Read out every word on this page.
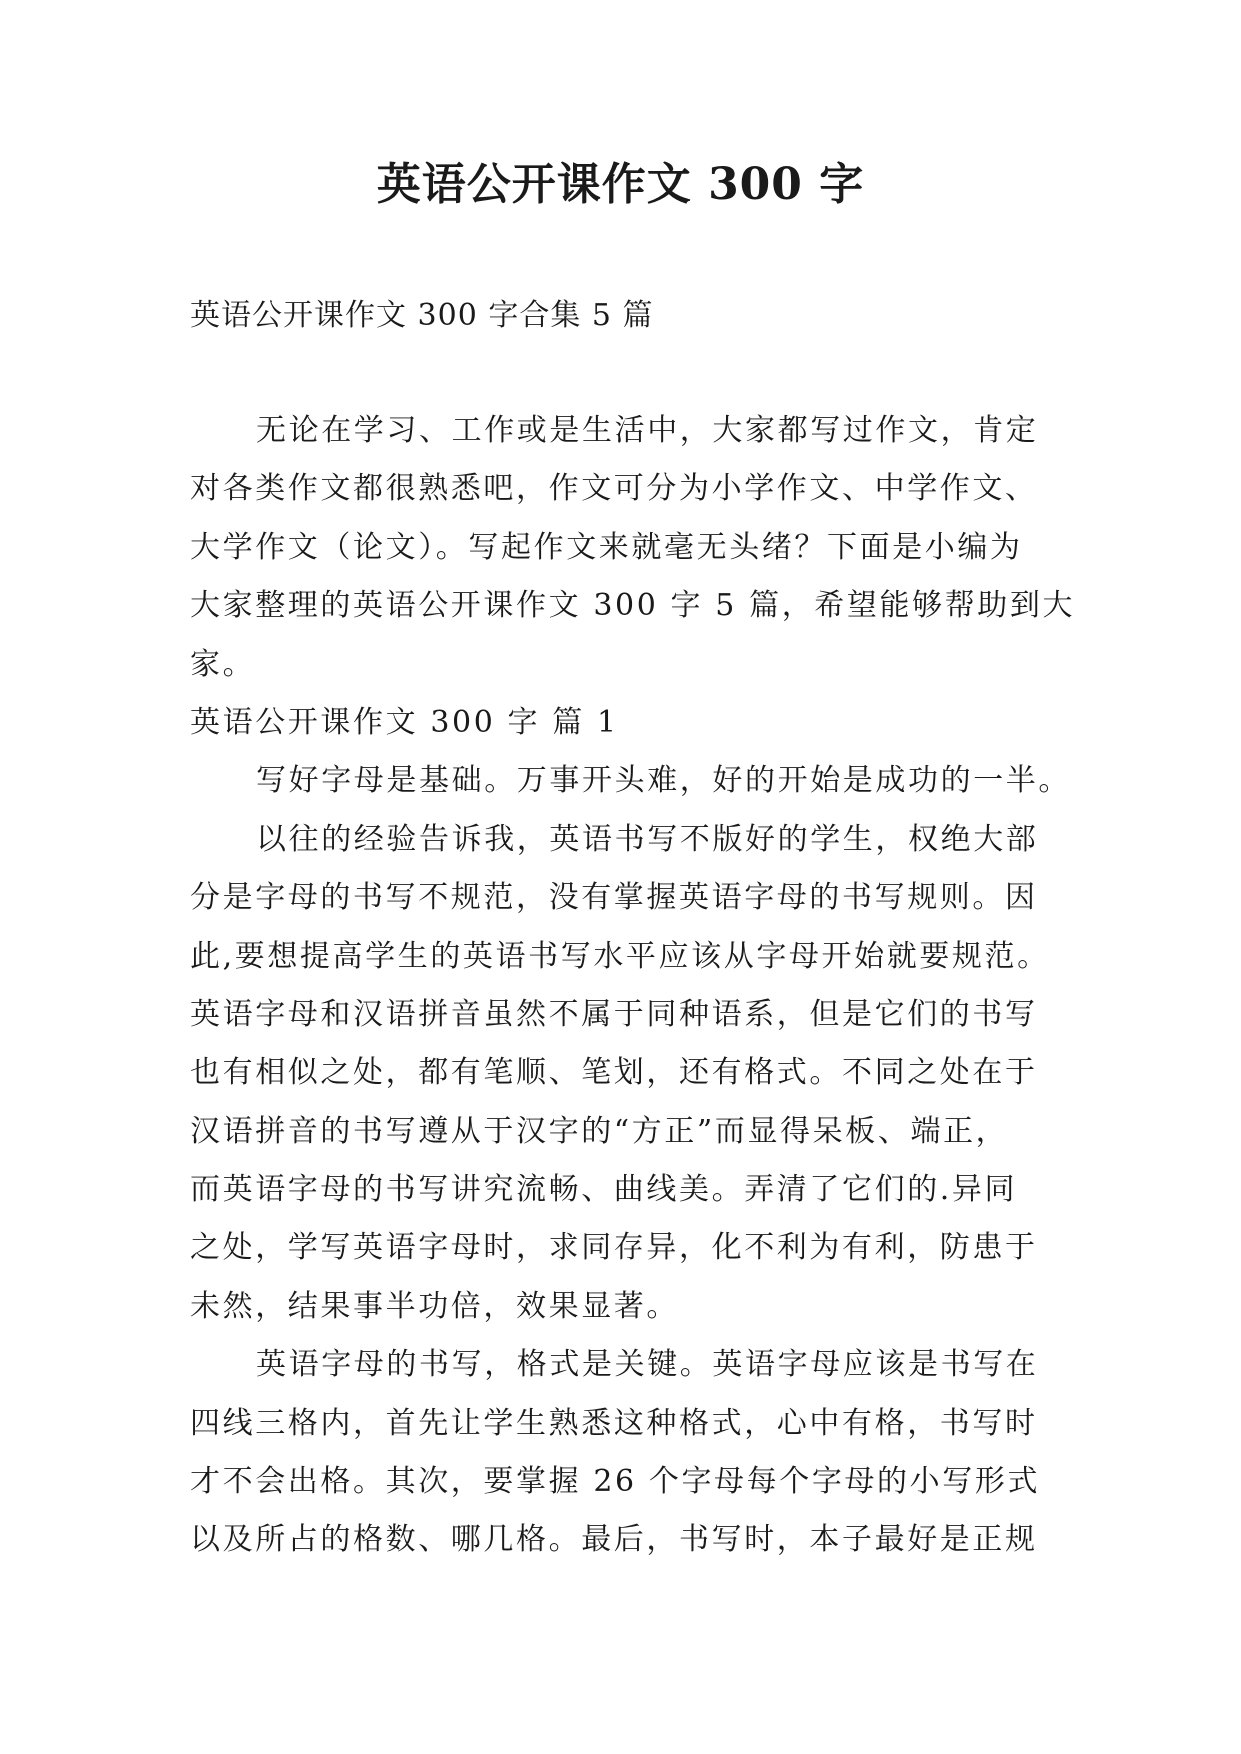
英语公开课作文 300 字
英语公开课作文 300 字合集 5 篇
无论在学习、工作或是生活中，大家都写过作文，肯定
对各类作文都很熟悉吧，作文可分为小学作文、中学作文、
大学作文（论文）。写起作文来就毫无头绪？下面是小编为
大家整理的英语公开课作文 300 字 5 篇，希望能够帮助到大
家。
英语公开课作文 300 字 篇 1
写好字母是基础。万事开头难，好的开始是成功的一半。
以往的经验告诉我，英语书写不版好的学生，权绝大部
分是字母的书写不规范，没有掌握英语字母的书写规则。因
此,要想提高学生的英语书写水平应该从字母开始就要规范。
英语字母和汉语拼音虽然不属于同种语系，但是它们的书写
也有相似之处，都有笔顺、笔划，还有格式。不同之处在于
汉语拼音的书写遵从于汉字的“方正”而显得呆板、端正，
而英语字母的书写讲究流畅、曲线美。弄清了它们的.异同
之处，学写英语字母时，求同存异，化不利为有利，防患于
未然，结果事半功倍，效果显著。
英语字母的书写，格式是关键。英语字母应该是书写在
四线三格内，首先让学生熟悉这种格式，心中有格，书写时
才不会出格。其次，要掌握 26 个字母每个字母的小写形式
以及所占的格数、哪几格。最后，书写时，本子最好是正规
